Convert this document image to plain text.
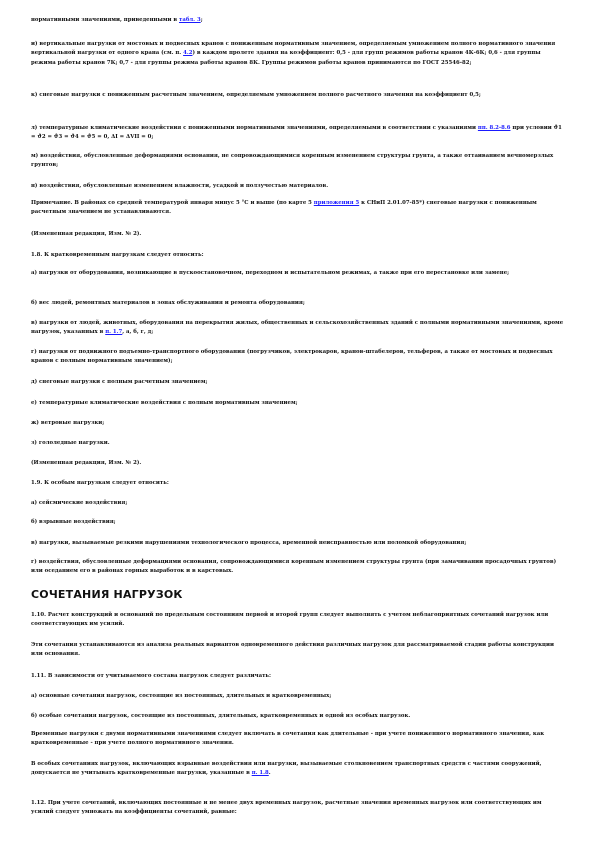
нормативными значениями, приведенными в табл. 3;

и) вертикальные нагрузки от мостовых и подвесных кранов с пониженным нормативным значением, определяемым умножением полного нормативного значения вертикальной нагрузки от одного крана (см. п. 4.2) в каждом пролете здания на коэффициент: 0,5 - для групп режимов работы кранов 4К-6К; 0,6 - для группы режима работы кранов 7К; 0,7 - для группы режима работы кранов 8К. Группы режимов работы кранов принимаются по ГОСТ 25546-82;

к) снеговые нагрузки с пониженным расчетным значением, определяемым умножением полного расчетного значения на коэффициент 0,5;

л) температурные климатические воздействия с пониженными нормативными значениями, определяемыми в соответствии с указаниями пп. 8.2-8.6 при условии ϑ1 = ϑ2 = ϑ3 = ϑ4 = ϑ5 = 0, ΔI = ΔVII = 0;

м) воздействия, обусловленные деформациями основания, не сопровождающимися коренным изменением структуры грунта, а также оттаиванием вечномерзлых грунтов;

н) воздействия, обусловленные изменением влажности, усадкой и ползучестью материалов.

Примечание. В районах со средней температурой января минус 5 °С и выше (по карте 5 приложения 5 к СНиП 2.01.07-85*) снеговые нагрузки с пониженным расчетным значением не устанавливаются.

(Измененная редакция, Изм. № 2).

1.8. К кратковременным нагрузкам следует относить:

а) нагрузки от оборудования, возникающие в пускоостановочном, переходном и испытательном режимах, а также при его перестановке или замене;

б) вес людей, ремонтных материалов в зонах обслуживания и ремонта оборудования;

в) нагрузки от людей, животных, оборудования на перекрытия жилых, общественных и сельскохозяйственных зданий с полными нормативными значениями, кроме нагрузок, указанных в п. 1.7, а, б, г, д;

г) нагрузки от подвижного подъемно-транспортного оборудования (погрузчиков, электрокаров, кранов-штабелеров, тельферов, а также от мостовых и подвесных кранов с полным нормативным значением);

д) снеговые нагрузки с полным расчетным значением;

е) температурные климатические воздействия с полным нормативным значением;

ж) ветровые нагрузки;

з) гололедные нагрузки.

(Измененная редакция, Изм. № 2).

1.9. К особым нагрузкам следует относить:

а) сейсмические воздействия;

б) взрывные воздействия;

в) нагрузки, вызываемые резкими нарушениями технологического процесса, временной неисправностью или поломкой оборудования;

г) воздействия, обусловленные деформациями основания, сопровождающимися коренным изменением структуры грунта (при замачивании просадочных грунтов) или оседанием его в районах горных выработок и в карстовых.

СОЧЕТАНИЯ НАГРУЗОК

1.10. Расчет конструкций и оснований по предельным состояниям первой и второй групп следует выполнять с учетом неблагоприятных сочетаний нагрузок или соответствующих им усилий.

Эти сочетания устанавливаются из анализа реальных вариантов одновременного действия различных нагрузок для рассматриваемой стадии работы конструкции или основания.

1.11. В зависимости от учитываемого состава нагрузок следует различать:

а) основные сочетания нагрузок, состоящие из постоянных, длительных и кратковременных;

б) особые сочетания нагрузок, состоящие из постоянных, длительных, кратковременных и одной из особых нагрузок.

Временные нагрузки с двумя нормативными значениями следует включать в сочетания как длительные - при учете пониженного нормативного значения, как кратковременные - при учете полного нормативного значения.

В особых сочетаниях нагрузок, включающих взрывные воздействия или нагрузки, вызываемые столкновением транспортных средств с частями сооружений, допускается не учитывать кратковременные нагрузки, указанные в п. 1.8.

1.12. При учете сочетаний, включающих постоянные и не менее двух временных нагрузок, расчетные значения временных нагрузок или соответствующих им усилий следует умножать на коэффициенты сочетаний, равные:
